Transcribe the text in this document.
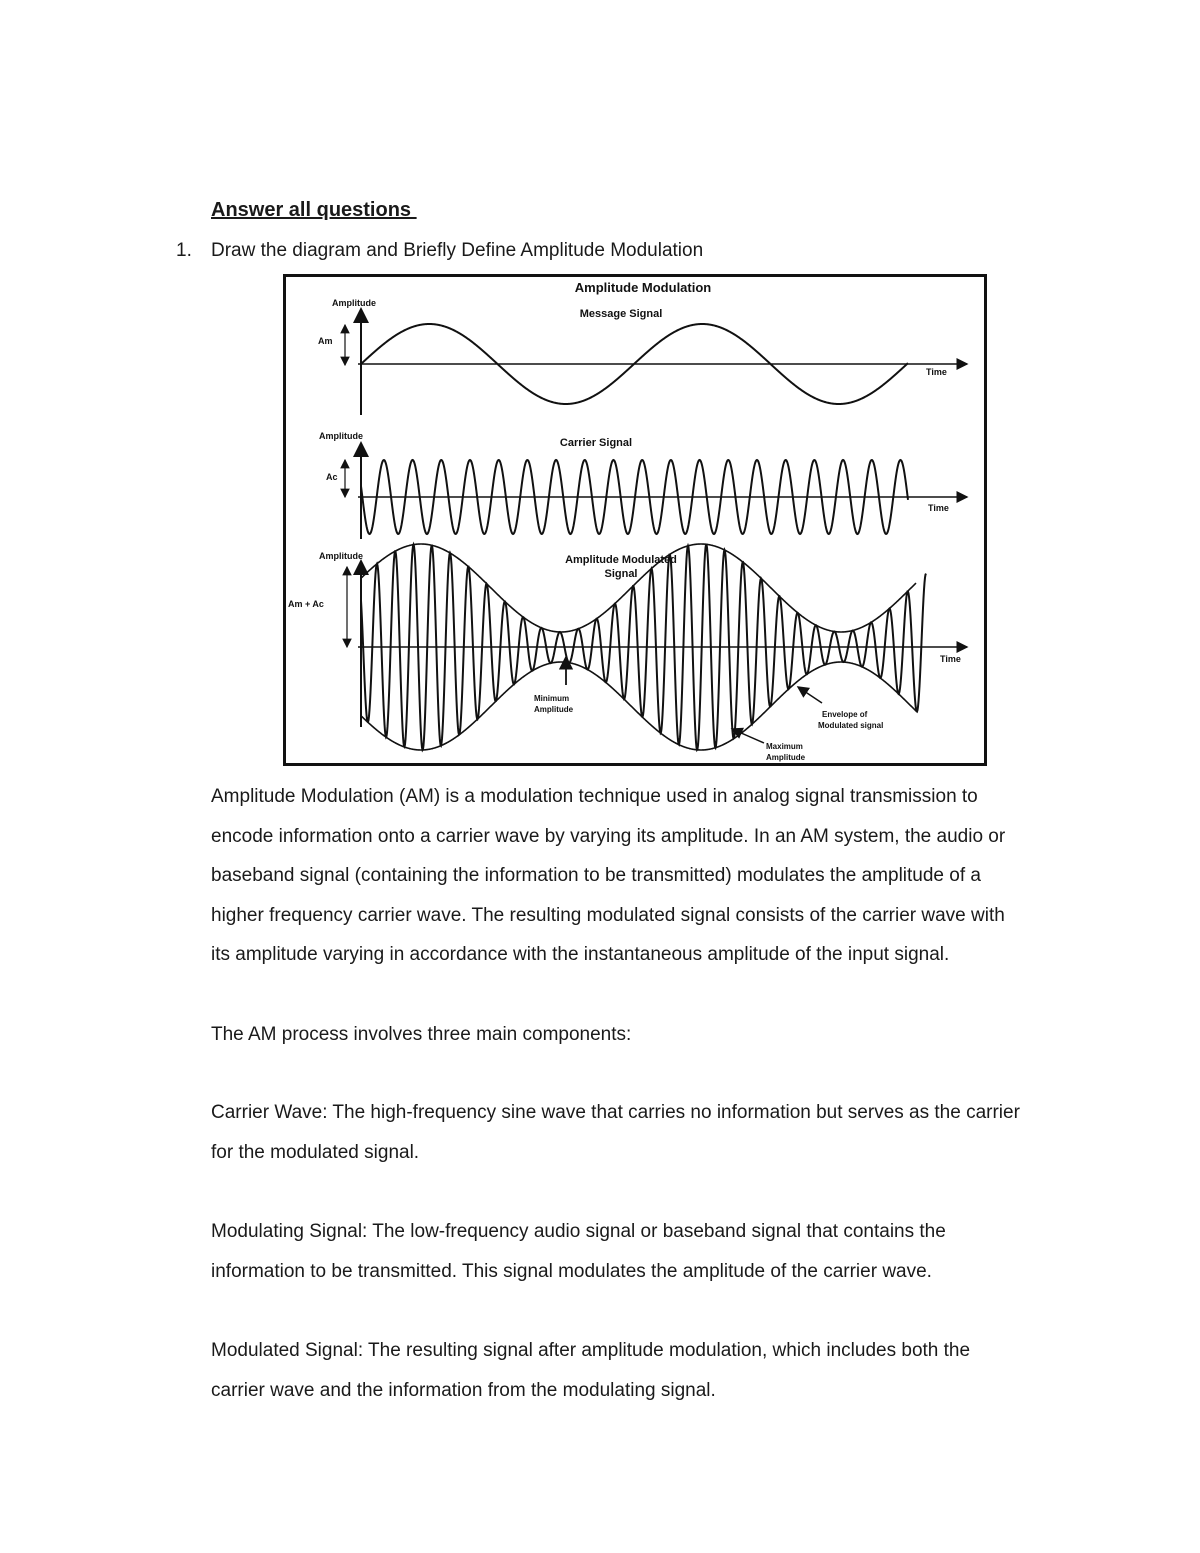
Answer all questions
1. Draw the diagram and Briefly Define Amplitude Modulation
Amplitude Modulation
Message Signal
Amplitude
Am
Time
Carrier Signal
Amplitude
Ac
Time
Amplitude Modulated
Signal
Amplitude
Am + Ac
Time
Minimum
Amplitude
Envelope of
Modulated signal
Maximum
Amplitude

Amplitude Modulation (AM) is a modulation technique used in analog signal transmission to
encode information onto a carrier wave by varying its amplitude. In an AM system, the audio or
baseband signal (containing the information to be transmitted) modulates the amplitude of a
higher frequency carrier wave. The resulting modulated signal consists of the carrier wave with
its amplitude varying in accordance with the instantaneous amplitude of the input signal.

The AM process involves three main components:

Carrier Wave: The high-frequency sine wave that carries no information but serves as the carrier
for the modulated signal.

Modulating Signal: The low-frequency audio signal or baseband signal that contains the
information to be transmitted. This signal modulates the amplitude of the carrier wave.

Modulated Signal: The resulting signal after amplitude modulation, which includes both the
carrier wave and the information from the modulating signal.
